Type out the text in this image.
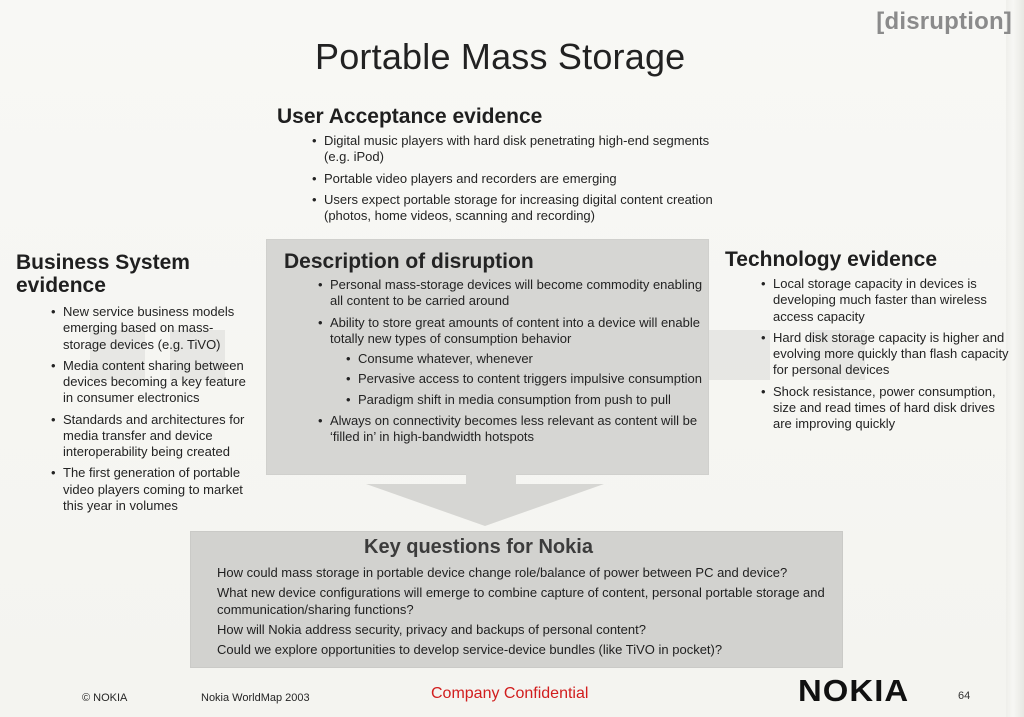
[disruption]
Portable Mass Storage
User Acceptance evidence
• Digital music players with hard disk penetrating high-end segments (e.g. iPod)
• Portable video players and recorders are emerging
• Users expect portable storage for increasing digital content creation (photos, home videos, scanning and recording)
Business System
evidence
• New service business models emerging based on mass-storage devices (e.g. TiVO)
• Media content sharing between devices becoming a key feature in consumer electronics
• Standards and architectures for media transfer and device interoperability being created
• The first generation of portable video players coming to market this year in volumes
Description of disruption
• Personal mass-storage devices will become commodity enabling all content to be carried around
• Ability to store great amounts of content into a device will enable totally new types of consumption behavior
• Consume whatever, whenever
• Pervasive access to content triggers impulsive consumption
• Paradigm shift in media consumption from push to pull
• Always on connectivity becomes less relevant as content will be ‘filled in’ in high-bandwidth hotspots
Technology evidence
• Local storage capacity in devices is developing much faster than wireless access capacity
• Hard disk storage capacity is higher and evolving more quickly than flash capacity for personal devices
• Shock resistance, power consumption, size and read times of hard disk drives are improving quickly
Key questions for Nokia
How could mass storage in portable device change role/balance of power between PC and device?
What new device configurations will emerge to combine capture of content, personal portable storage and communication/sharing functions?
How will Nokia address security, privacy and backups of personal content?
Could we explore opportunities to develop service-device bundles (like TiVO in pocket)?
© NOKIA	Nokia WorldMap 2003	Company Confidential	NOKIA	64
